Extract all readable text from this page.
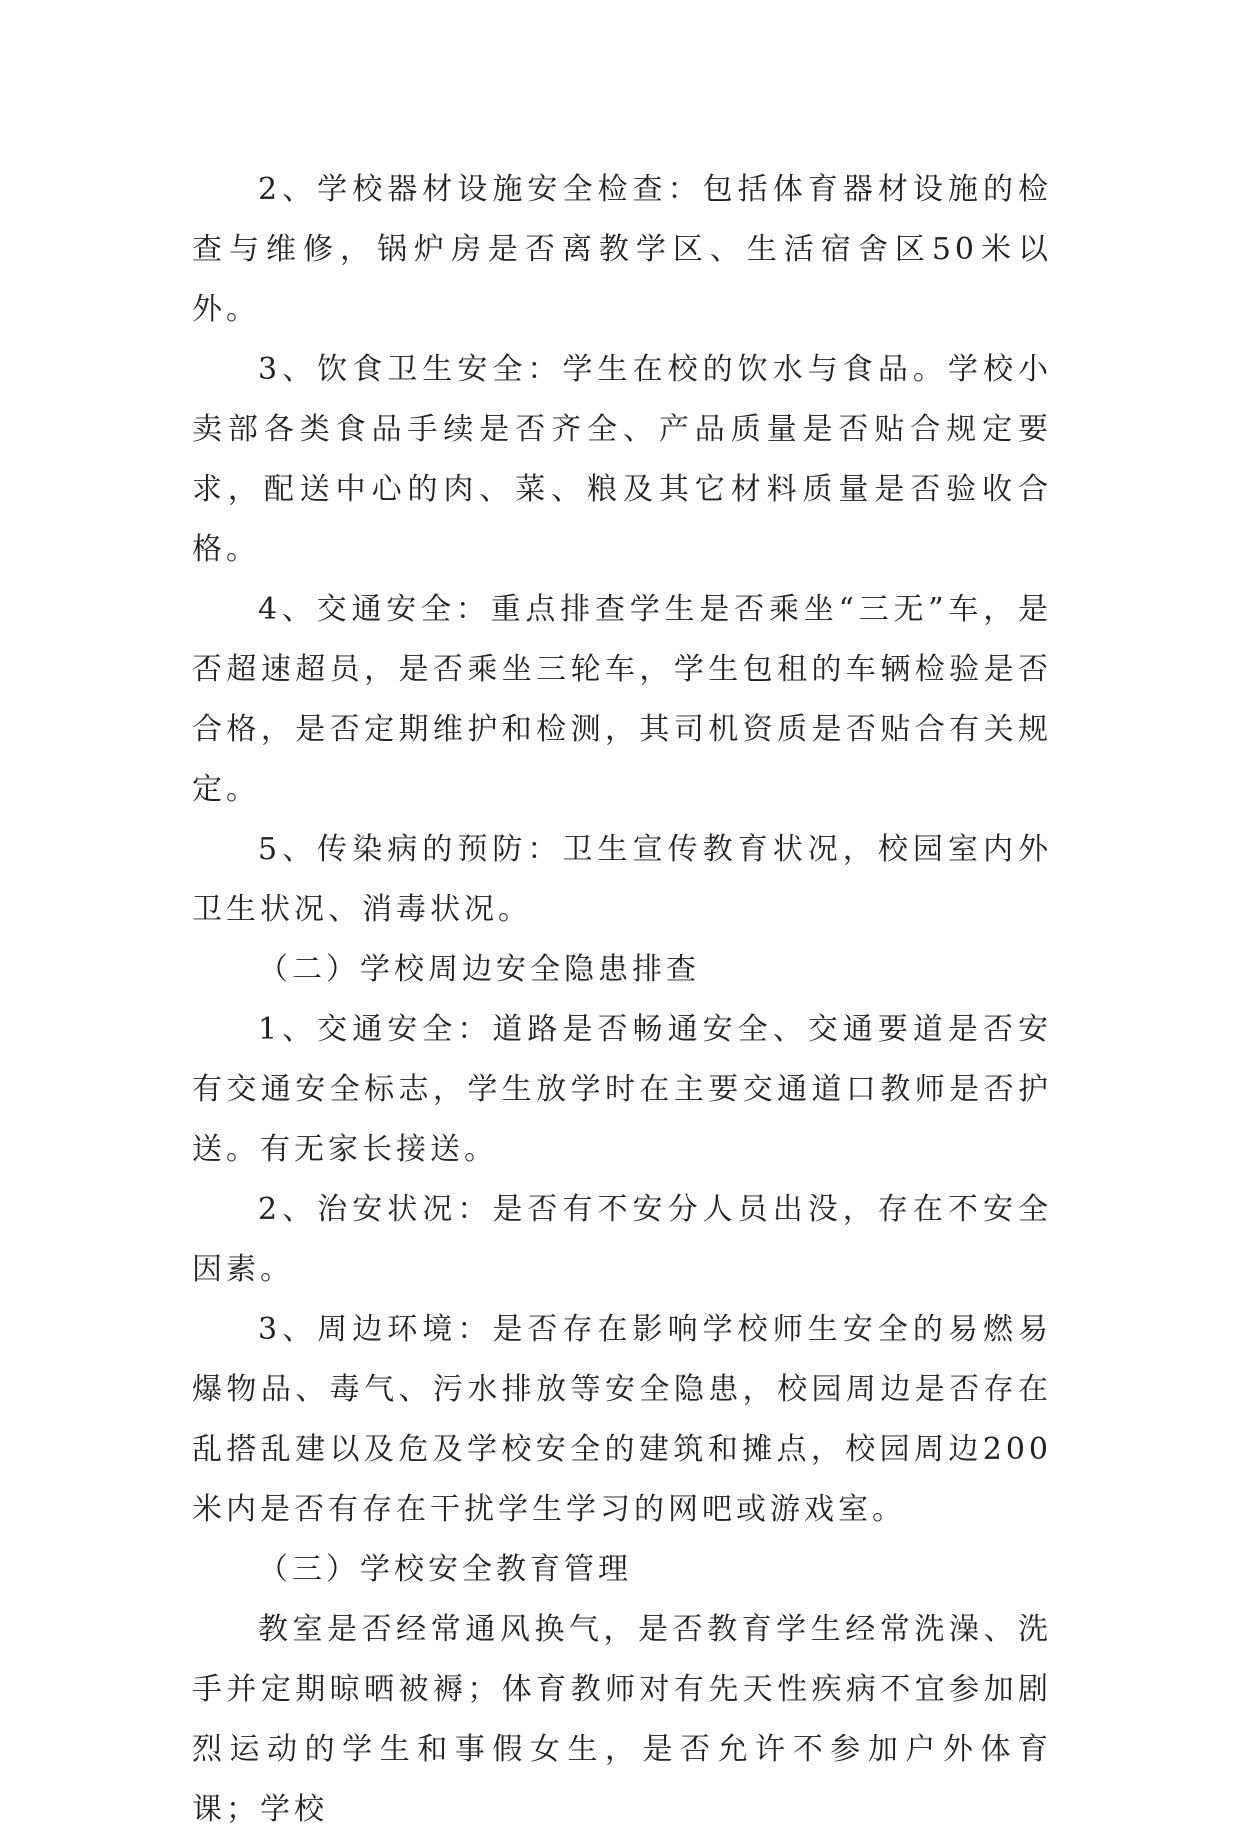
2、学校器材设施安全检查：包括体育器材设施的检查与维修，锅炉房是否离教学区、生活宿舍区50米以外。

3、饮食卫生安全：学生在校的饮水与食品。学校小卖部各类食品手续是否齐全、产品质量是否贴合规定要求，配送中心的肉、菜、粮及其它材料质量是否验收合格。

4、交通安全：重点排查学生是否乘坐“三无”车，是否超速超员，是否乘坐三轮车，学生包租的车辆检验是否合格，是否定期维护和检测，其司机资质是否贴合有关规定。

5、传染病的预防：卫生宣传教育状况，校园室内外卫生状况、消毒状况。

（二）学校周边安全隐患排查

1、交通安全：道路是否畅通安全、交通要道是否安有交通安全标志，学生放学时在主要交通道口教师是否护送。有无家长接送。

2、治安状况：是否有不安分人员出没，存在不安全因素。

3、周边环境：是否存在影响学校师生安全的易燃易爆物品、毒气、污水排放等安全隐患，校园周边是否存在乱搭乱建以及危及学校安全的建筑和摊点，校园周边200米内是否有存在干扰学生学习的网吧或游戏室。

（三）学校安全教育管理

教室是否经常通风换气，是否教育学生经常洗澡、洗手并定期晾晒被褥；体育教师对有先天性疾病不宜参加剧烈运动的学生和事假女生，是否允许不参加户外体育 课；学校
